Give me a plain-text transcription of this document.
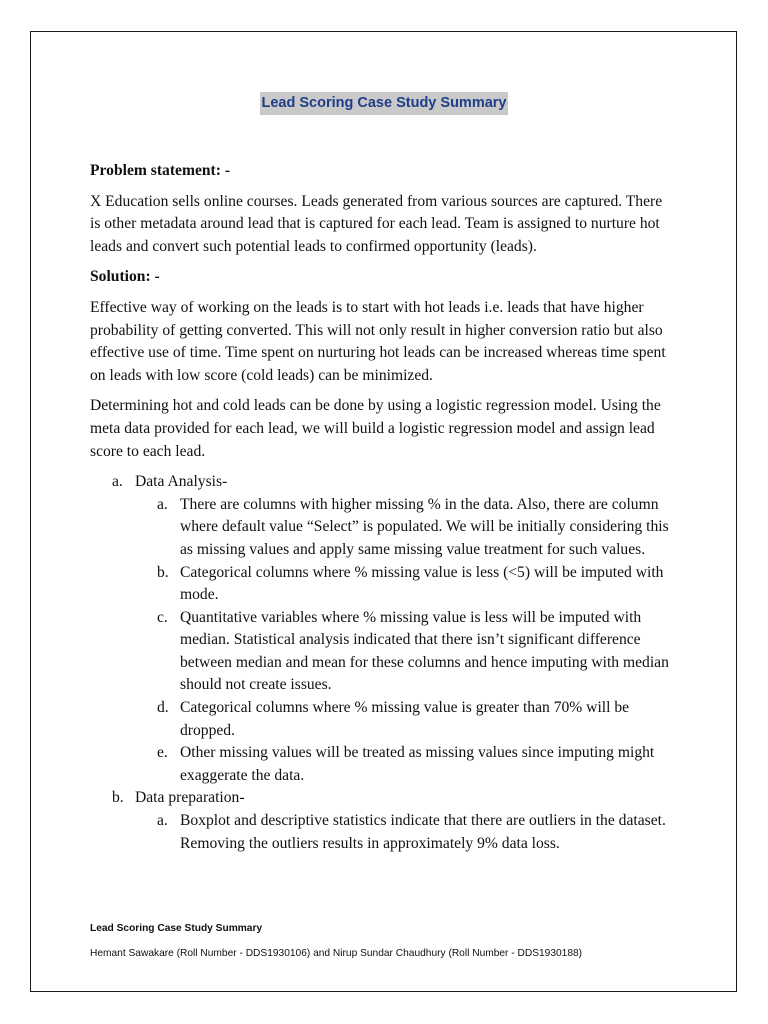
Lead Scoring Case Study Summary

Problem statement: -

X Education sells online courses. Leads generated from various sources are captured. There is other metadata around lead that is captured for each lead. Team is assigned to nurture hot leads and convert such potential leads to confirmed opportunity (leads).

Solution: -

Effective way of working on the leads is to start with hot leads i.e. leads that have higher probability of getting converted. This will not only result in higher conversion ratio but also effective use of time. Time spent on nurturing hot leads can be increased whereas time spent on leads with low score (cold leads) can be minimized.

Determining hot and cold leads can be done by using a logistic regression model. Using the meta data provided for each lead, we will build a logistic regression model and assign lead score to each lead.

a. Data Analysis-
a. There are columns with higher missing % in the data. Also, there are column where default value “Select” is populated. We will be initially considering this as missing values and apply same missing value treatment for such values.
b. Categorical columns where % missing value is less (<5) will be imputed with mode.
c. Quantitative variables where % missing value is less will be imputed with median. Statistical analysis indicated that there isn’t significant difference between median and mean for these columns and hence imputing with median should not create issues.
d. Categorical columns where % missing value is greater than 70% will be dropped.
e. Other missing values will be treated as missing values since imputing might exaggerate the data.
b. Data preparation-
a. Boxplot and descriptive statistics indicate that there are outliers in the dataset. Removing the outliers results in approximately 9% data loss.

Lead Scoring Case Study Summary

Hemant Sawakare (Roll Number - DDS1930106) and Nirup Sundar Chaudhury (Roll Number - DDS1930188)
